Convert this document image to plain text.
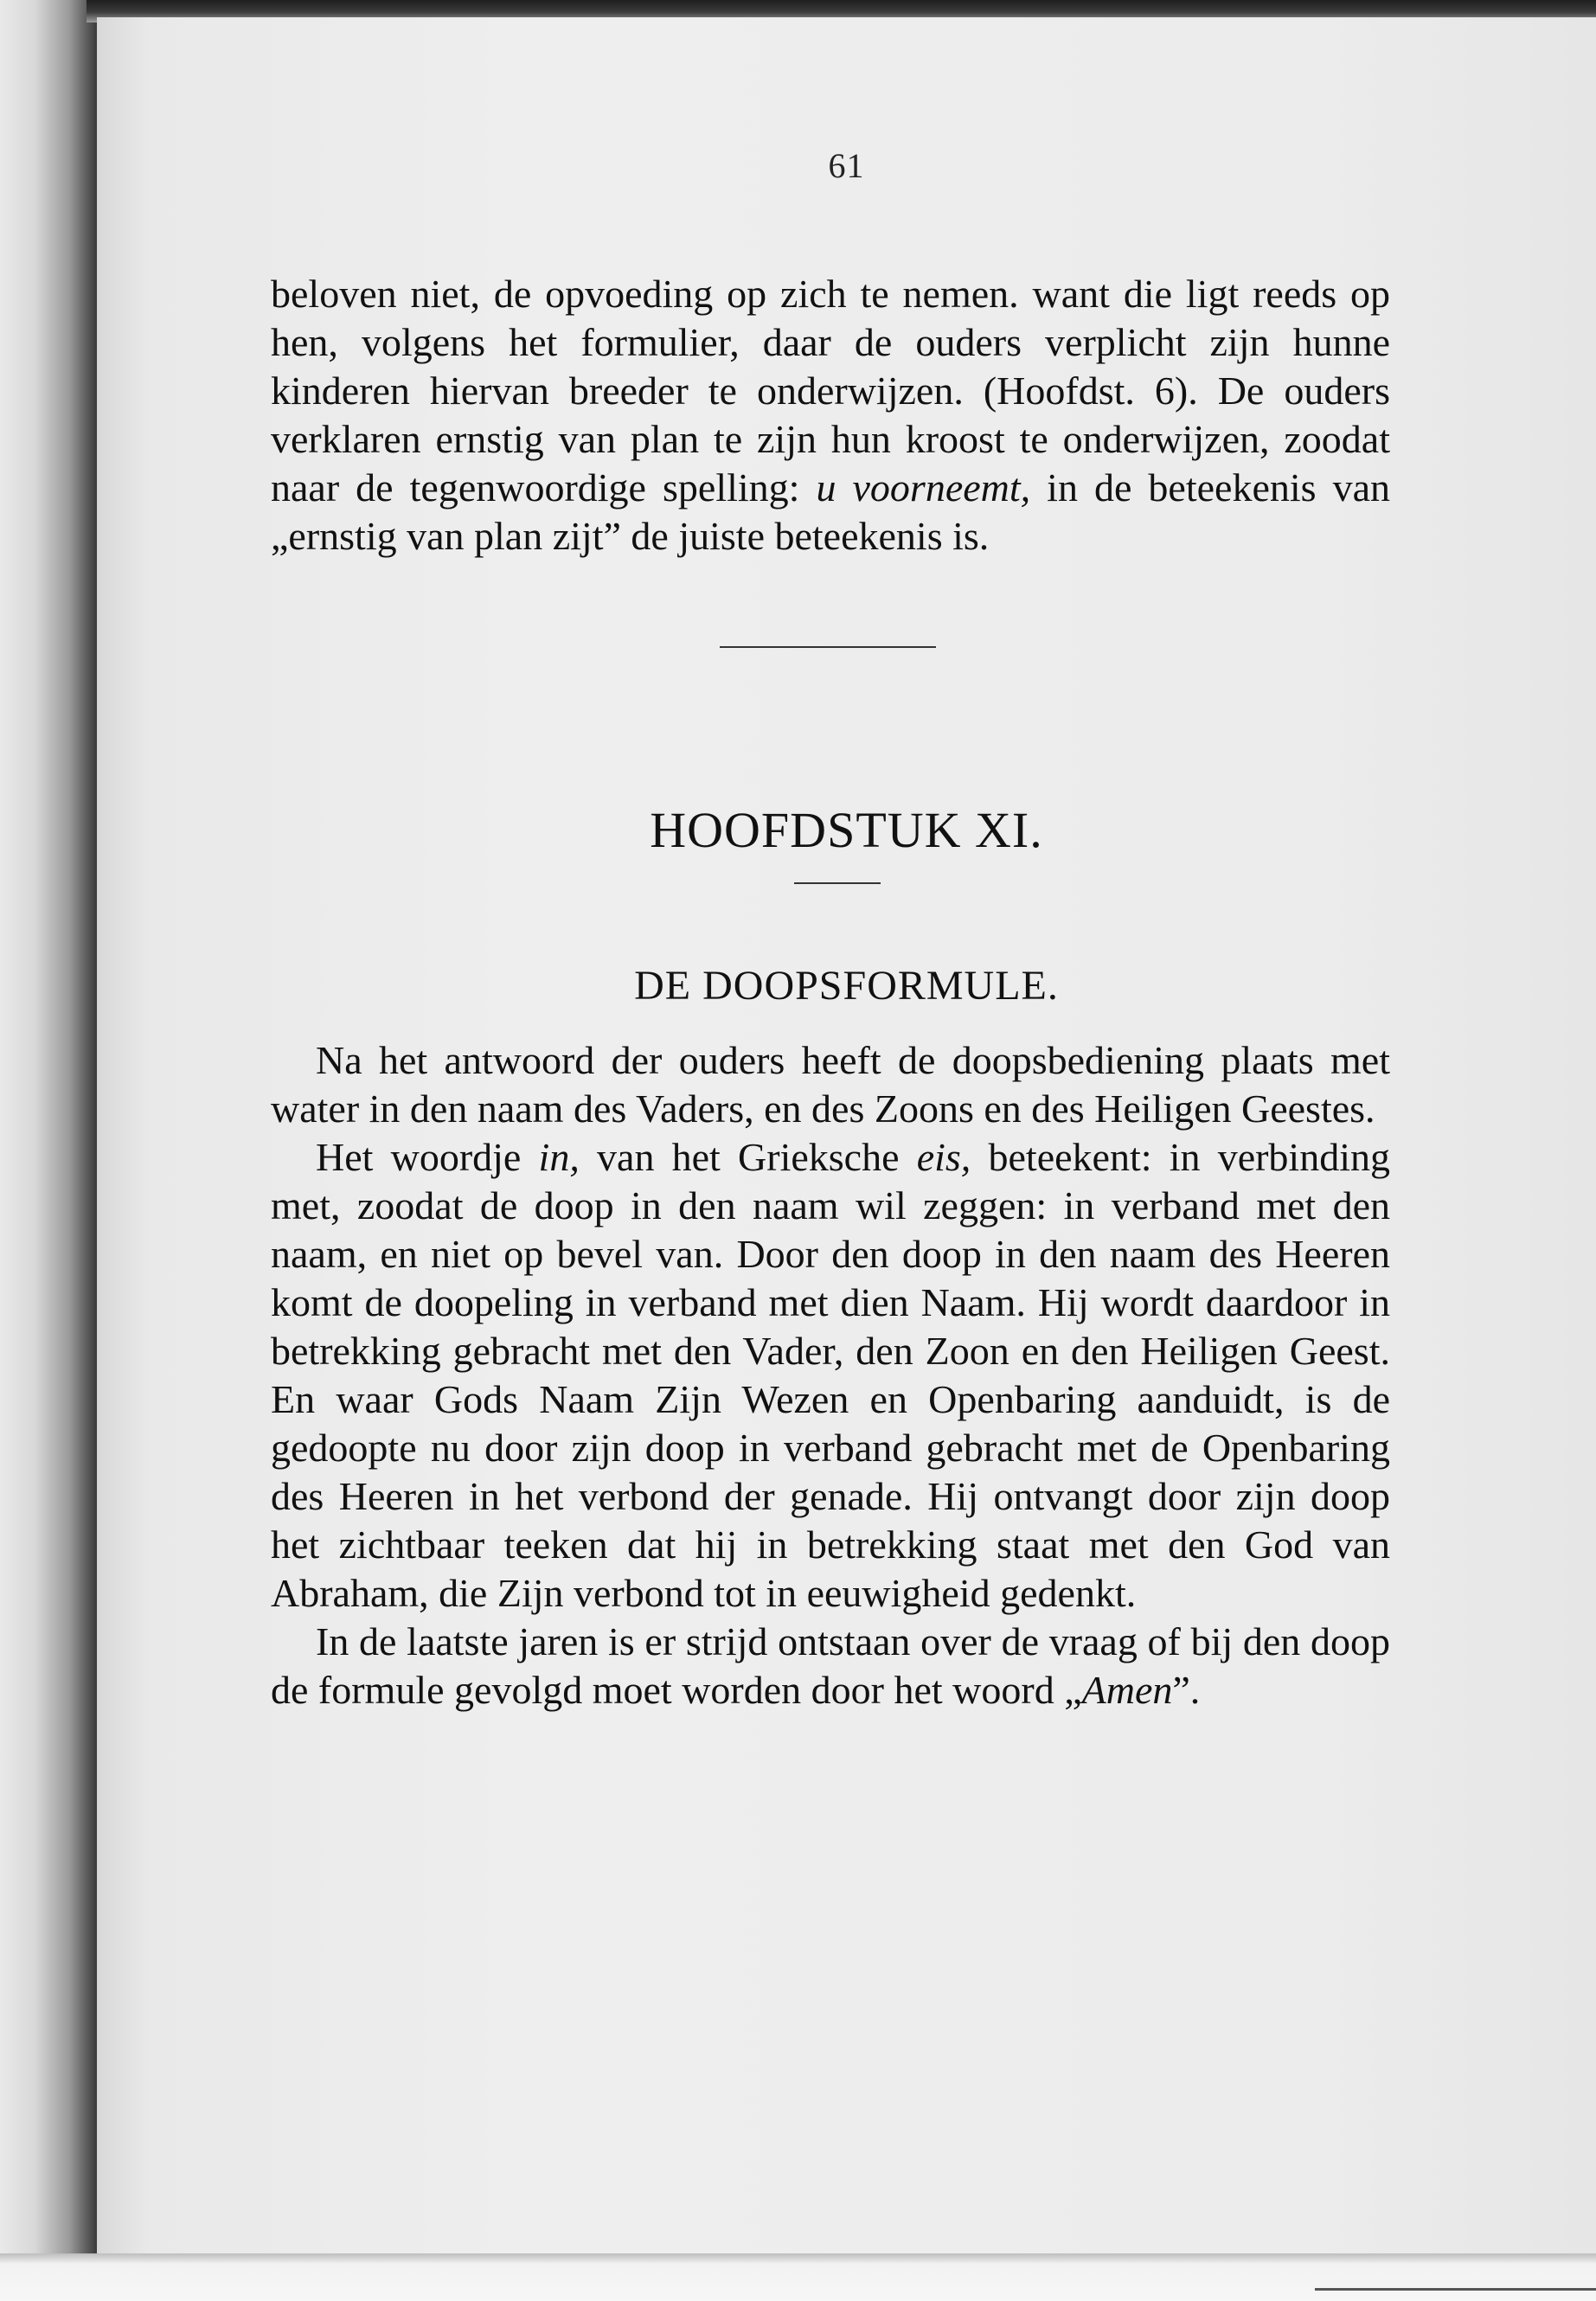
61

beloven niet, de opvoeding op zich te nemen. want die ligt reeds op hen, volgens het formulier, daar de ouders verplicht zijn hunne kinderen hiervan breeder te onderwijzen. (Hoofdst. 6). De ouders verklaren ernstig van plan te zijn hun kroost te onderwijzen, zoodat naar de tegenwoordige spelling: u voorneemt, in de beteekenis van „ernstig van plan zijt” de juiste beteekenis is.

HOOFDSTUK XI.
DE DOOPSFORMULE.

Na het antwoord der ouders heeft de doopsbediening plaats met water in den naam des Vaders, en des Zoons en des Heiligen Geestes.

Het woordje in, van het Grieksche eis, beteekent: in verbinding met, zoodat de doop in den naam wil zeggen: in verband met den naam, en niet op bevel van. Door den doop in den naam des Heeren komt de doopeling in verband met dien Naam. Hij wordt daardoor in betrekking gebracht met den Vader, den Zoon en den Heiligen Geest. En waar Gods Naam Zijn Wezen en Openbaring aanduidt, is de gedoopte nu door zijn doop in verband gebracht met de Openbaring des Heeren in het verbond der genade. Hij ontvangt door zijn doop het zichtbaar teeken dat hij in betrekking staat met den God van Abraham, die Zijn verbond tot in eeuwigheid gedenkt.

In de laatste jaren is er strijd ontstaan over de vraag of bij den doop de formule gevolgd moet worden door het woord „Amen”.
